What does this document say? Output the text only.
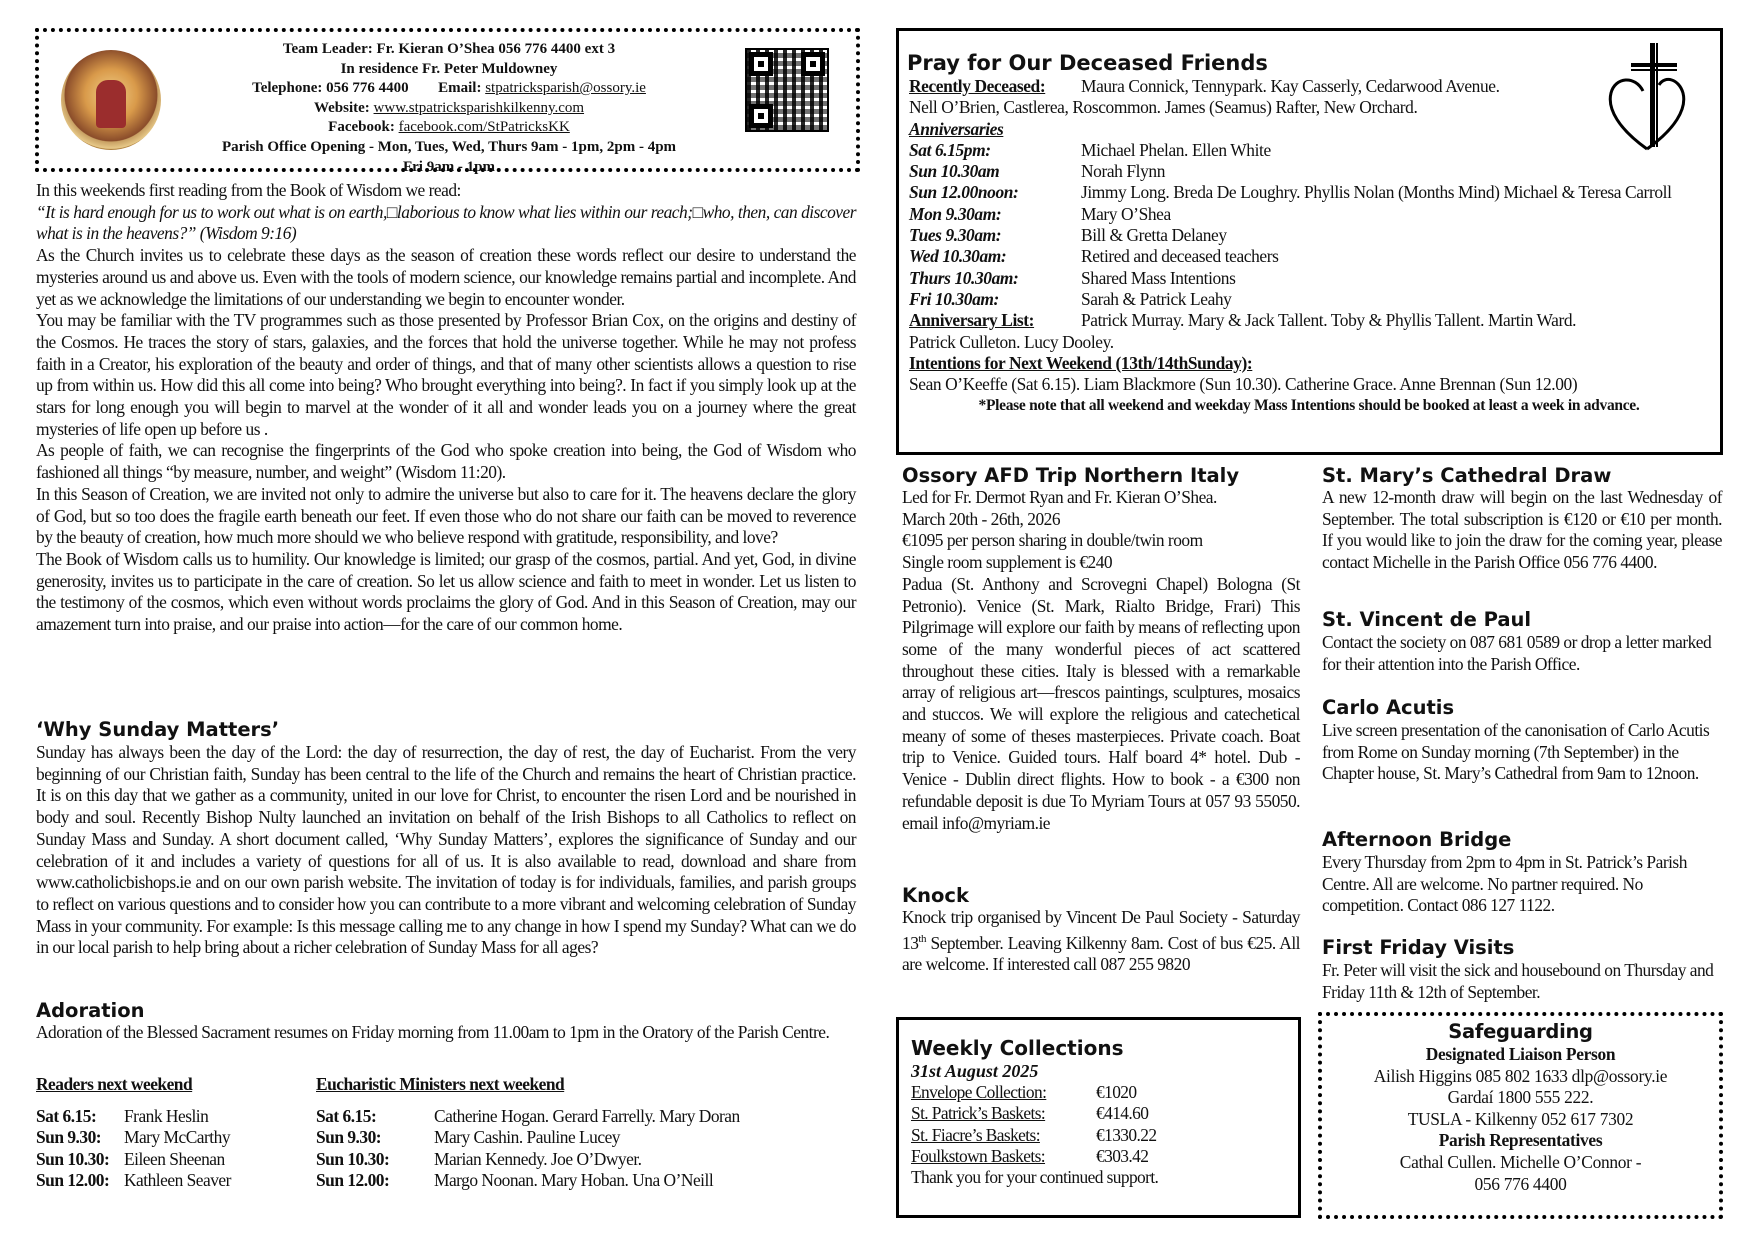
Team Leader: Fr. Kieran O’Shea 056 776 4400 ext 3
In residence Fr. Peter Muldowney
Telephone: 056 776 4400 Email: stpatricksparish@ossory.ie
Website: www.stpatricksparishkilkenny.com
Facebook: facebook.com/StPatricksKK
Parish Office Opening - Mon, Tues, Wed, Thurs 9am - 1pm, 2pm - 4pm
Fri 9am - 1pm

In this weekends first reading from the Book of Wisdom we read:

“It is hard enough for us to work out what is on earth,□laborious to know what lies within our reach;□who, then, can discover what is in the heavens?” (Wisdom 9:16)

As the Church invites us to celebrate these days as the season of creation these words reflect our desire to understand the mysteries around us and above us. Even with the tools of modern science, our knowledge remains partial and incomplete. And yet as we acknowledge the limitations of our understanding we begin to encounter wonder.

You may be familiar with the TV programmes such as those presented by Professor Brian Cox, on the origins and destiny of the Cosmos. He traces the story of stars, galaxies, and the forces that hold the universe together. While he may not profess faith in a Creator, his exploration of the beauty and order of things, and that of many other scientists allows a question to rise up from within us. How did this all come into being? Who brought everything into being?. In fact if you simply look up at the stars for long enough you will begin to marvel at the wonder of it all and wonder leads you on a journey where the great mysteries of life open up before us .

As people of faith, we can recognise the fingerprints of the God who spoke creation into being, the God of Wisdom who fashioned all things “by measure, number, and weight” (Wisdom 11:20).

In this Season of Creation, we are invited not only to admire the universe but also to care for it. The heavens declare the glory of God, but so too does the fragile earth beneath our feet. If even those who do not share our faith can be moved to reverence by the beauty of creation, how much more should we who believe respond with gratitude, responsibility, and love?

The Book of Wisdom calls us to humility. Our knowledge is limited; our grasp of the cosmos, partial. And yet, God, in divine generosity, invites us to participate in the care of creation. So let us allow science and faith to meet in wonder. Let us listen to the testimony of the cosmos, which even without words proclaims the glory of God. And in this Season of Creation, may our amazement turn into praise, and our praise into action—for the care of our common home.

‘Why Sunday Matters’
Sunday has always been the day of the Lord: the day of resurrection, the day of rest, the day of Eucharist. From the very beginning of our Christian faith, Sunday has been central to the life of the Church and remains the heart of Christian practice. It is on this day that we gather as a community, united in our love for Christ, to encounter the risen Lord and be nourished in body and soul. Recently Bishop Nulty launched an invitation on behalf of the Irish Bishops to all Catholics to reflect on Sunday Mass and Sunday. A short document called, ‘Why Sunday Matters’, explores the significance of Sunday and our celebration of it and includes a variety of questions for all of us. It is also available to read, download and share from www.catholicbishops.ie and on our own parish website. The invitation of today is for individuals, families, and parish groups to reflect on various questions and to consider how you can contribute to a more vibrant and welcoming celebration of Sunday Mass in your community. For example: Is this message calling me to any change in how I spend my Sunday? What can we do in our local parish to help bring about a richer celebration of Sunday Mass for all ages?
Adoration
Adoration of the Blessed Sacrament resumes on Friday morning from 11.00am to 1pm in the Oratory of the Parish Centre.
Readers next weekend
Sat 6.15:	Frank Heslin
Sun 9.30:	Mary McCarthy
Sun 10.30: Eileen Sheenan
Sun 12.00: Kathleen Seaver
Eucharistic Ministers next weekend
Sat 6.15:	Catherine Hogan. Gerard Farrelly. Mary Doran
Sun 9.30:	Mary Cashin. Pauline Lucey
Sun 10.30:	Marian Kennedy. Joe O’Dwyer.
Sun 12.00:	Margo Noonan. Mary Hoban. Una O’Neill
Pray for Our Deceased Friends
Recently Deceased:	Maura Connick, Tennypark. Kay Casserly, Cedarwood Avenue.
Nell O’Brien, Castlerea, Roscommon. James (Seamus) Rafter, New Orchard.
Anniversaries
Sat 6.15pm:	Michael Phelan. Ellen White
Sun 10.30am	Norah Flynn
Sun 12.00noon:	Jimmy Long. Breda De Loughry. Phyllis Nolan (Months Mind) Michael & Teresa Carroll
Mon 9.30am:	Mary O’Shea
Tues 9.30am:	Bill & Gretta Delaney
Wed 10.30am:	Retired and deceased teachers
Thurs 10.30am:	Shared Mass Intentions
Fri 10.30am:	Sarah & Patrick Leahy
Anniversary List:	Patrick Murray. Mary & Jack Tallent. Toby & Phyllis Tallent. Martin Ward.
Patrick Culleton. Lucy Dooley.
Intentions for Next Weekend (13th/14thSunday):
Sean O’Keeffe (Sat 6.15). Liam Blackmore (Sun 10.30). Catherine Grace. Anne Brennan (Sun 12.00)
*Please note that all weekend and weekday Mass Intentions should be booked at least a week in advance.
Ossory AFD Trip Northern Italy

Led for Fr. Dermot Ryan and Fr. Kieran O’Shea.

March 20th - 26th, 2026

€1095 per person sharing in double/twin room

Single room supplement is €240

Padua (St. Anthony and Scrovegni Chapel) Bologna (St Petronio). Venice (St. Mark, Rialto Bridge, Frari) This Pilgrimage will explore our faith by means of reflecting upon some of the many wonderful pieces of act scattered throughout these cities. Italy is blessed with a remarkable array of religious art—frescos paintings, sculptures, mosaics and stuccos. We will explore the religious and catechetical meany of some of theses masterpieces. Private coach. Boat trip to Venice. Guided tours. Half board 4* hotel. Dub -Venice - Dublin direct flights. How to book - a €300 non refundable deposit is due To Myriam Tours at 057 93 55050. email info@myriam.ie

Knock
Knock trip organised by Vincent De Paul Society - Saturday 13th September. Leaving Kilkenny 8am. Cost of bus €25. All are welcome. If interested call 087 255 9820
Weekly Collections
31st August 2025
Envelope Collection:	€1020
St. Patrick’s Baskets:	€414.60
St. Fiacre’s Baskets:	€1330.22
Foulkstown Baskets:	€303.42
Thank you for your continued support.
St. Mary’s Cathedral Draw
A new 12-month draw will begin on the last Wednesday of September. The total subscription is €120 or €10 per month. If you would like to join the draw for the coming year, please contact Michelle in the Parish Office 056 776 4400.
St. Vincent de Paul
Contact the society on 087 681 0589 or drop a letter marked for their attention into the Parish Office.
Carlo Acutis
Live screen presentation of the canonisation of Carlo Acutis from Rome on Sunday morning (7th September) in the Chapter house, St. Mary’s Cathedral from 9am to 12noon.
Afternoon Bridge
Every Thursday from 2pm to 4pm in St. Patrick’s Parish Centre. All are welcome. No partner required. No competition. Contact 086 127 1122.
First Friday Visits
Fr. Peter will visit the sick and housebound on Thursday and Friday 11th & 12th of September.
Safeguarding
Designated Liaison Person
Ailish Higgins 085 802 1633 dlp@ossory.ie
Gardaí 1800 555 222.
TUSLA - Kilkenny 052 617 7302
Parish Representatives
Cathal Cullen. Michelle O’Connor -
056 776 4400
